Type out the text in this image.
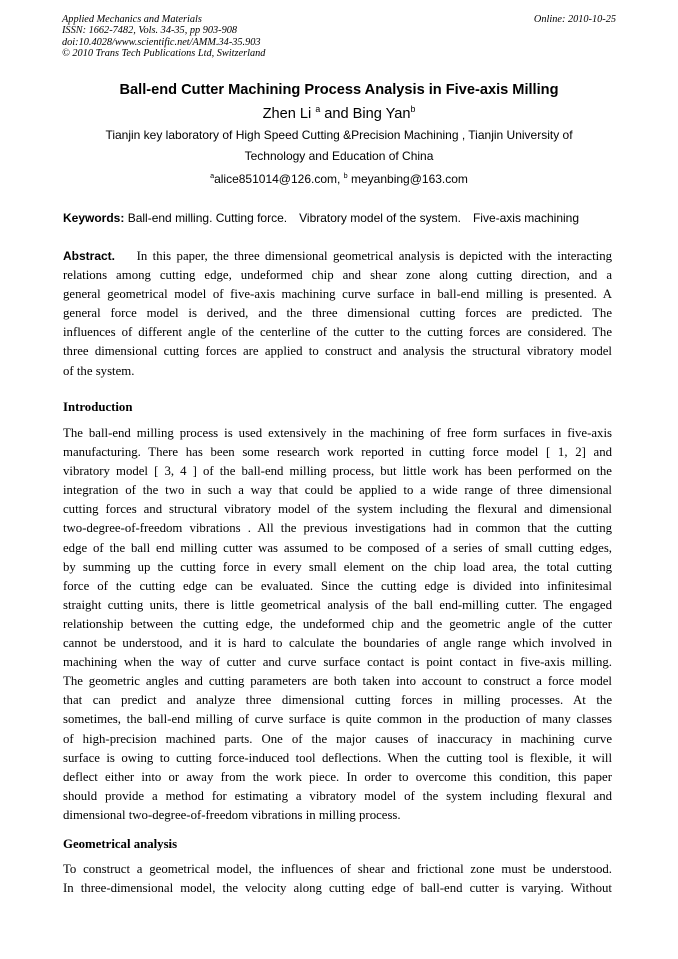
Applied Mechanics and Materials
ISSN: 1662-7482, Vols. 34-35, pp 903-908
doi:10.4028/www.scientific.net/AMM.34-35.903
© 2010 Trans Tech Publications Ltd, Switzerland
Online: 2010-10-25
Ball-end Cutter Machining Process Analysis in Five-axis Milling
Zhen Li $^a$ and Bing Yan$^b$
Tianjin key laboratory of High Speed Cutting &Precision Machining , Tianjin University of
Technology and Education of China
$^a$alice851014@126.com, $^b$ meyanbing@163.com
Keywords: Ball-end milling. Cutting force. Vibratory model of the system. Five-axis machining
Abstract. In this paper, the three dimensional geometrical analysis is depicted with the interacting
relations among cutting edge, undeformed chip and shear zone along cutting direction, and a
general geometrical model of five-axis machining curve surface in ball-end milling is presented. A
general force model is derived, and the three dimensional cutting forces are predicted. The
influences of different angle of the centerline of the cutter to the cutting forces are considered. The
three dimensional cutting forces are applied to construct and analysis the structural vibratory model
of the system.
Introduction
The ball-end milling process is used extensively in the machining of free form surfaces in five-axis
manufacturing. There has been some research work reported in cutting force model [ 1, 2] and
vibratory model [ 3, 4 ] of the ball-end milling process, but little work has been performed on the
integration of the two in such a way that could be applied to a wide range of three dimensional
cutting forces and structural vibratory model of the system including the flexural and dimensional
two-degree-of-freedom vibrations . All the previous investigations had in common that the cutting
edge of the ball end milling cutter was assumed to be composed of a series of small cutting edges,
by summing up the cutting force in every small element on the chip load area, the total cutting
force of the cutting edge can be evaluated. Since the cutting edge is divided into infinitesimal
straight cutting units, there is little geometrical analysis of the ball end-milling cutter. The engaged
relationship between the cutting edge, the undeformed chip and the geometric angle of the cutter
cannot be understood, and it is hard to calculate the boundaries of angle range which involved in
machining when the way of cutter and curve surface contact is point contact in five-axis milling.
The geometric angles and cutting parameters are both taken into account to construct a force model
that can predict and analyze three dimensional cutting forces in milling processes. At the
sometimes, the ball-end milling of curve surface is quite common in the production of many classes
of high-precision machined parts. One of the major causes of inaccuracy in machining curve
surface is owing to cutting force-induced tool deflections. When the cutting tool is flexible, it will
deflect either into or away from the work piece. In order to overcome this condition, this paper
should provide a method for estimating a vibratory model of the system including flexural and
dimensional two-degree-of-freedom vibrations in milling process.
Geometrical analysis
To construct a geometrical model, the influences of shear and frictional zone must be understood.
In three-dimensional model, the velocity along cutting edge of ball-end cutter is varying. Without
